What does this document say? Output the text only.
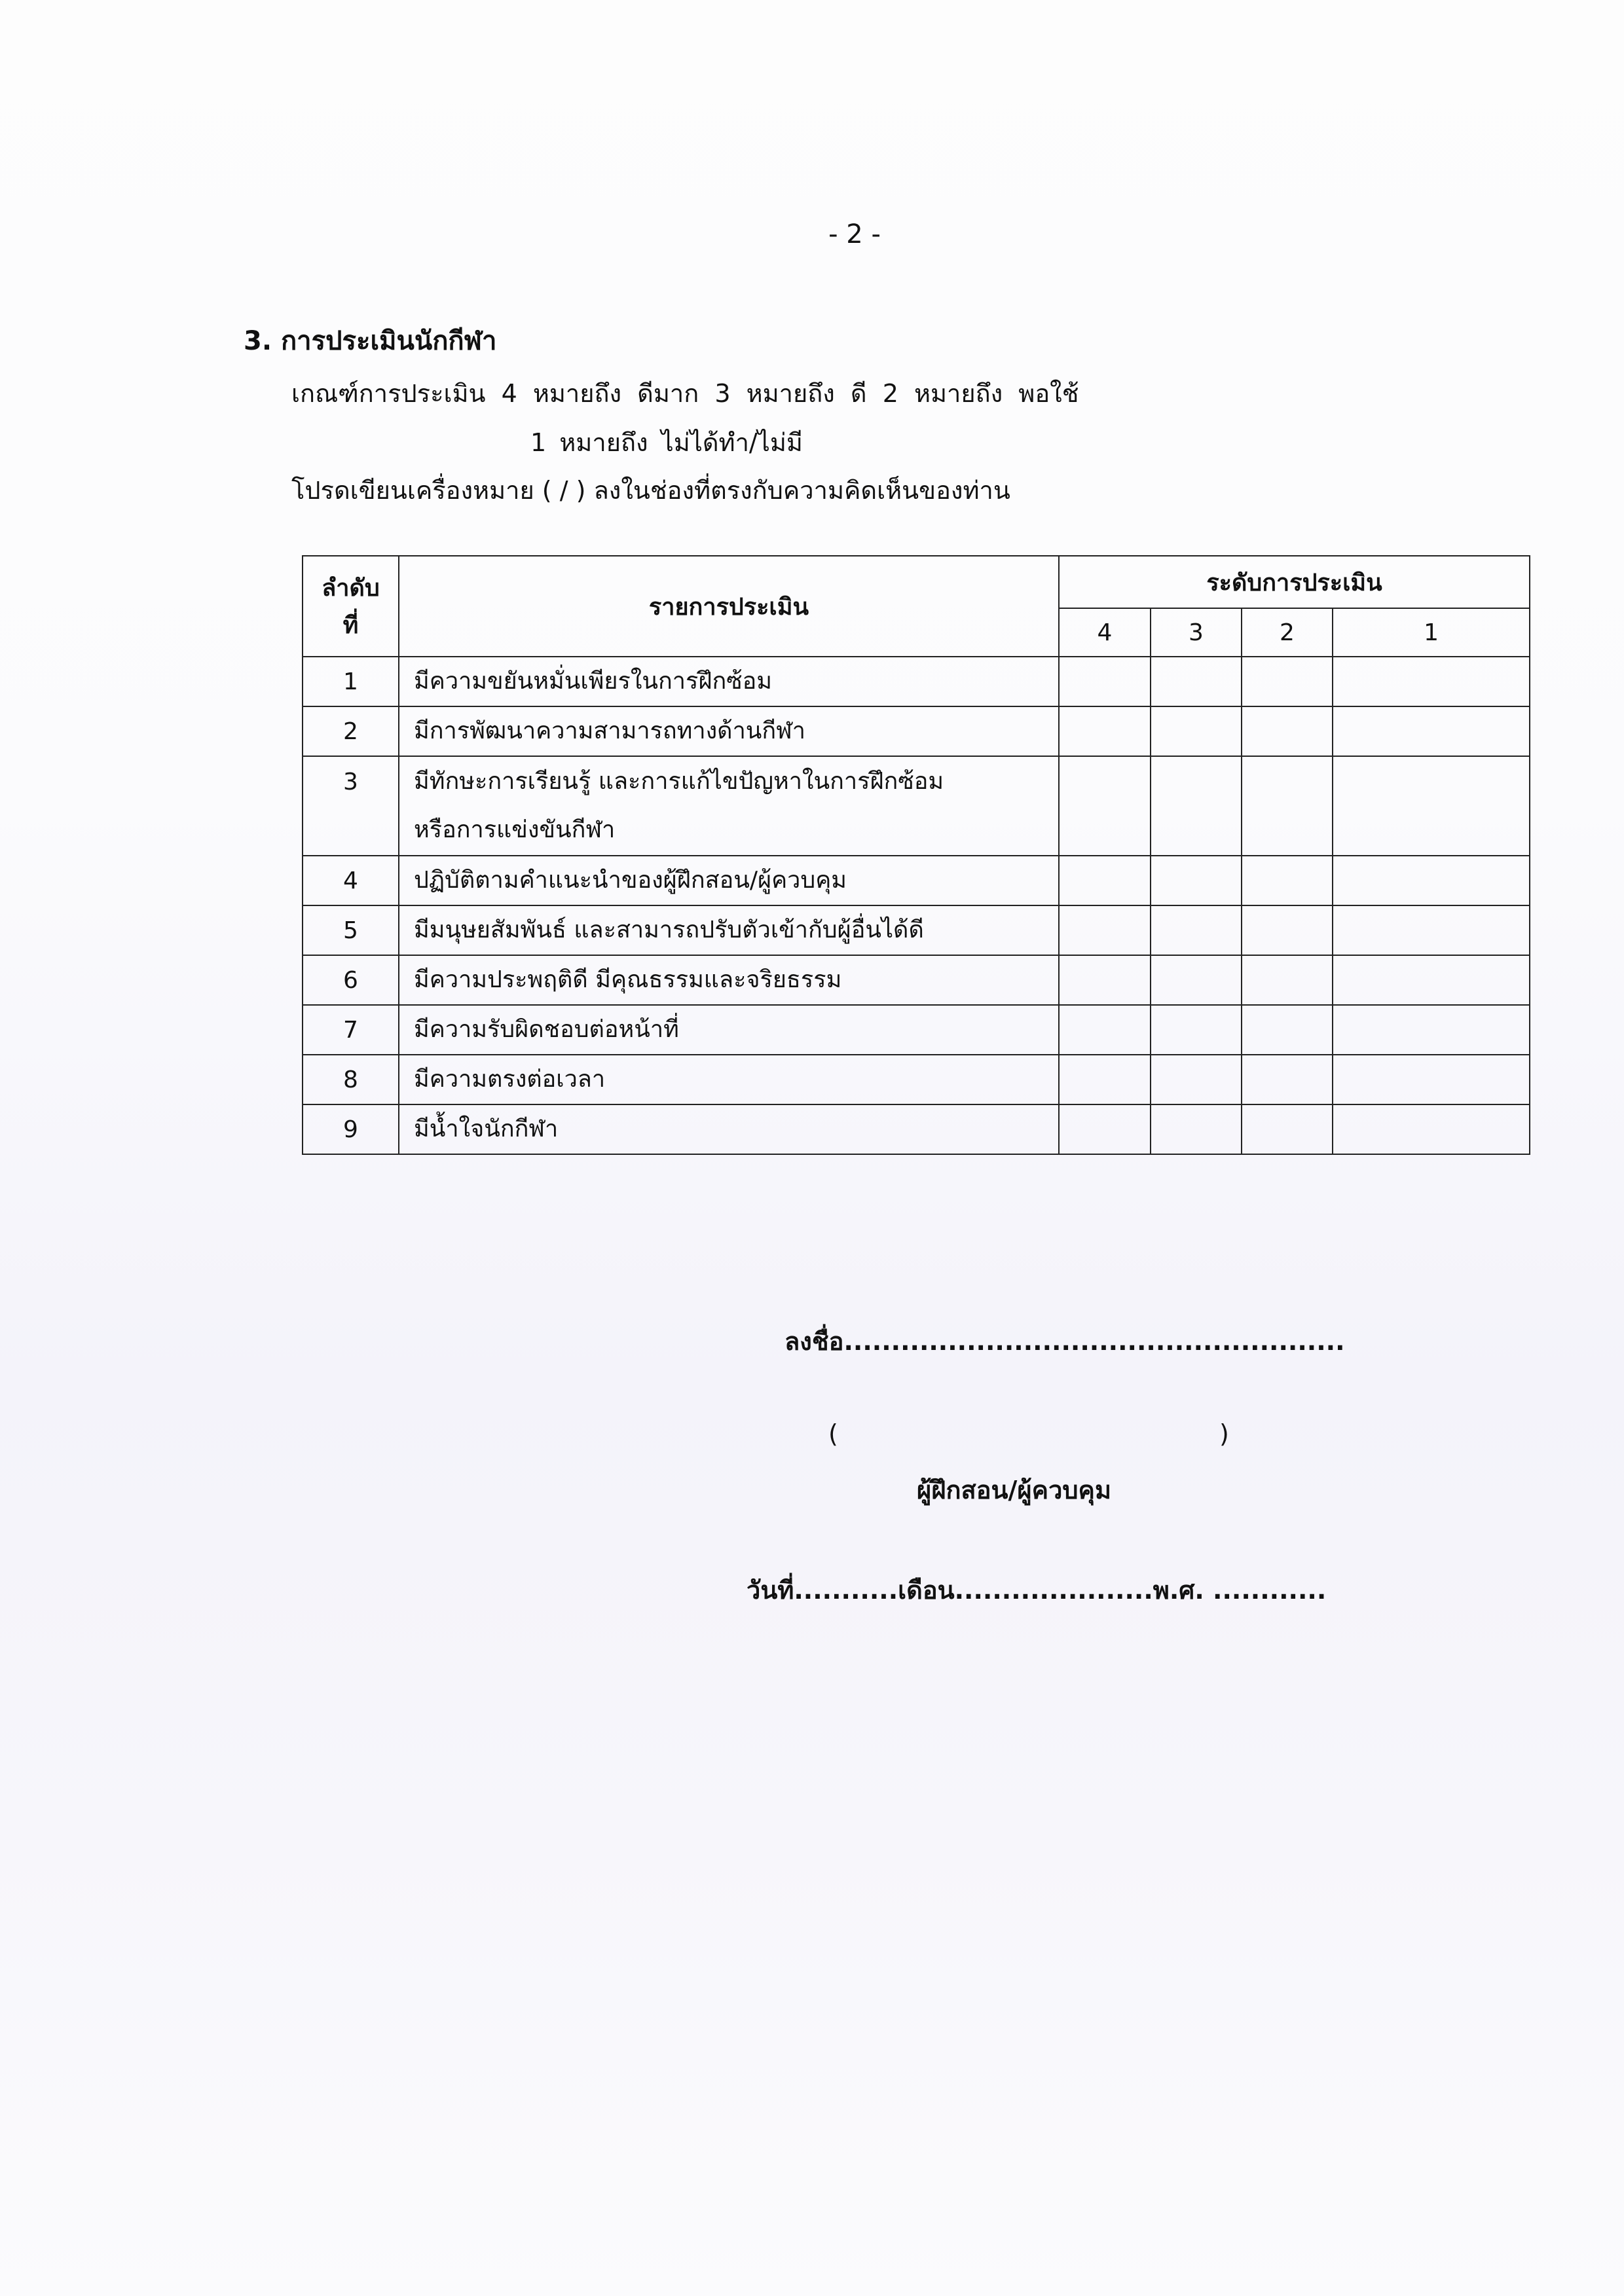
- 2 -
3. การประเมินนักกีฬา
เกณฑ์การประเมิน 4 หมายถึง ดีมาก 3 หมายถึง ดี 2 หมายถึง พอใช้
1 หมายถึง ไม่ได้ทำ/ไม่มี
โปรดเขียนเครื่องหมาย ( / ) ลงในช่องที่ตรงกับความคิดเห็นของท่าน
ลำดับ
ที่	รายการประเมิน	ระดับการประเมิน			
		4	3	2	1
1	มีความขยันหมั่นเพียรในการฝึกซ้อม				
2	มีการพัฒนาความสามารถทางด้านกีฬา				
3	มีทักษะการเรียนรู้ และการแก้ไขปัญหาในการฝึกซ้อม
หรือการแข่งขันกีฬา				

4	ปฏิบัติตามคำแนะนำของผู้ฝึกสอน/ผู้ควบคุม				
5	มีมนุษยสัมพันธ์ และสามารถปรับตัวเข้ากับผู้อื่นได้ดี				
6	มีความประพฤติดี มีคุณธรรมและจริยธรรม				
7	มีความรับผิดชอบต่อหน้าที่				
8	มีความตรงต่อเวลา				
9	มีน้ำใจนักกีฬา				
ลงชื่อ.....................................................
(	)
ผู้ฝึกสอน/ผู้ควบคุม
วันที่...........เดือน.....................พ.ศ. ............
